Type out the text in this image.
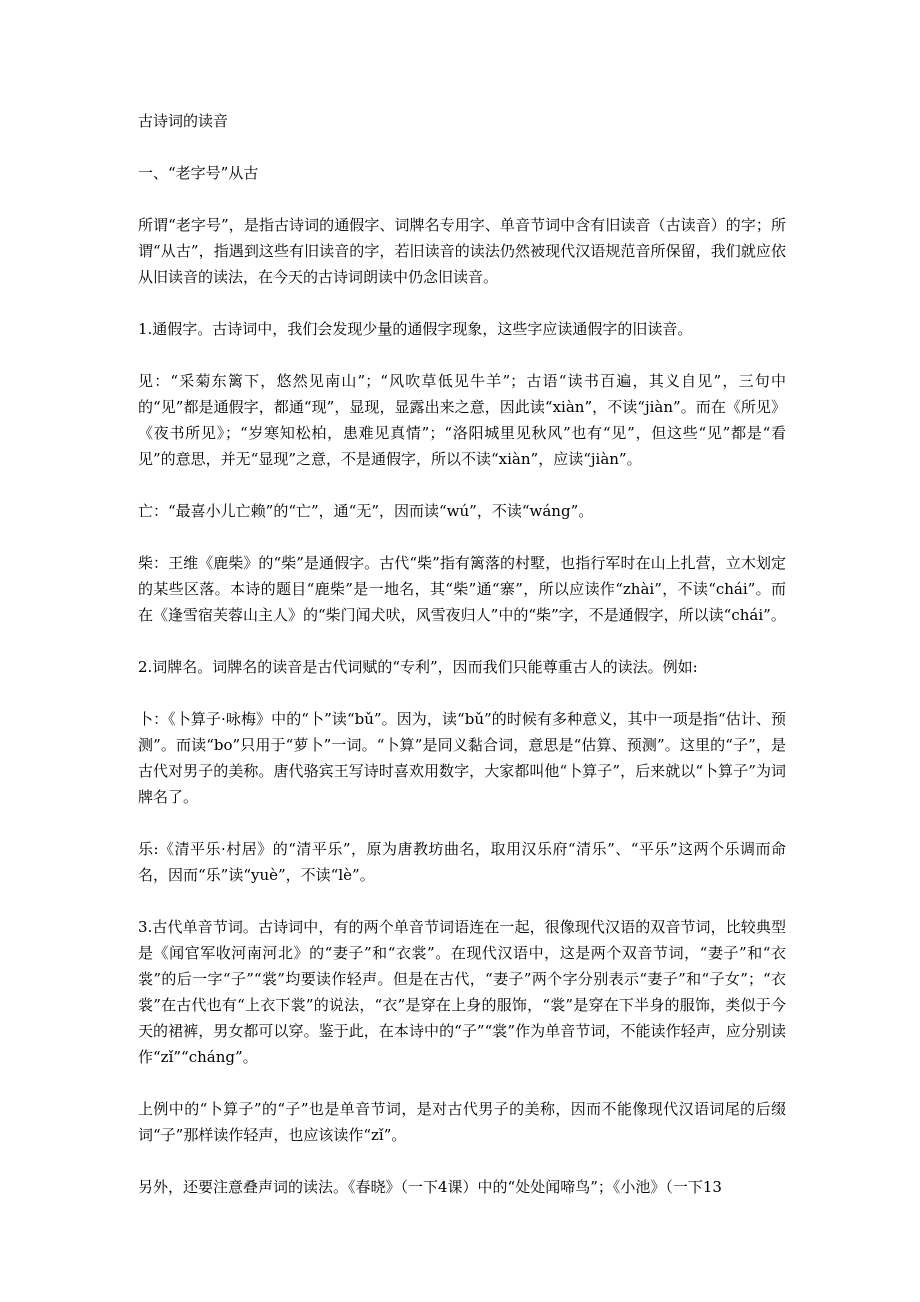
古诗词的读音

一、“老字号”从古

所谓“老字号”，是指古诗词的通假字、词牌名专用字、单音节词中含有旧读音（古读音）的字；所谓“从古”，指遇到这些有旧读音的字，若旧读音的读法仍然被现代汉语规范音所保留，我们就应依从旧读音的读法，在今天的古诗词朗读中仍念旧读音。

1.通假字。古诗词中，我们会发现少量的通假字现象，这些字应读通假字的旧读音。

见：“采菊东篱下，悠然见南山”；“风吹草低见牛羊”；古语“读书百遍，其义自见”，三句中的“见”都是通假字，都通“现”，显现，显露出来之意，因此读“xiàn”，不读“jiàn”。而在《所见》《夜书所见》；“岁寒知松柏，患难见真情”；“洛阳城里见秋风”也有“见”，但这些“见”都是“看见”的意思，并无“显现”之意，不是通假字，所以不读“xiàn”，应读“jiàn”。

亡：“最喜小儿亡赖”的“亡”，通“无”，因而读“wú”，不读“wáng”。

柴：王维《鹿柴》的“柴”是通假字。古代“柴”指有篱落的村墅，也指行军时在山上扎营，立木划定的某些区落。本诗的题目“鹿柴”是一地名，其“柴”通“寨”，所以应读作“zhài”，不读“chái”。而在《逢雪宿芙蓉山主人》的“柴门闻犬吠，风雪夜归人”中的“柴”字，不是通假字，所以读“chái”。

2.词牌名。词牌名的读音是古代词赋的“专利”，因而我们只能尊重古人的读法。例如:

卜：《卜算子·咏梅》中的“卜”读“bǔ”。因为，读“bǔ”的时候有多种意义，其中一项是指“估计、预测”。而读“bo”只用于“萝卜”一词。“卜算”是同义黏合词，意思是“估算、预测”。这里的“子”，是古代对男子的美称。唐代骆宾王写诗时喜欢用数字，大家都叫他“卜算子”，后来就以“卜算子”为词牌名了。

乐:《清平乐·村居》的“清平乐”，原为唐教坊曲名，取用汉乐府“清乐”、“平乐”这两个乐调而命名，因而“乐”读“yuè”，不读“lè”。

3.古代单音节词。古诗词中，有的两个单音节词语连在一起，很像现代汉语的双音节词，比较典型是《闻官军收河南河北》的“妻子”和“衣裳”。在现代汉语中，这是两个双音节词，“妻子”和“衣裳”的后一字“子”“裳”均要读作轻声。但是在古代，“妻子”两个字分别表示“妻子”和“子女”；“衣裳”在古代也有“上衣下裳”的说法，“衣”是穿在上身的服饰，“裳”是穿在下半身的服饰，类似于今天的裙裤，男女都可以穿。鉴于此，在本诗中的“子”“裳”作为单音节词，不能读作轻声，应分别读作“zǐ”“cháng”。

上例中的“卜算子”的“子”也是单音节词，是对古代男子的美称，因而不能像现代汉语词尾的后缀词“子”那样读作轻声，也应该读作“zǐ”。

另外，还要注意叠声词的读法。《春晓》（一下4课）中的“处处闻啼鸟”；《小池》（一下13
